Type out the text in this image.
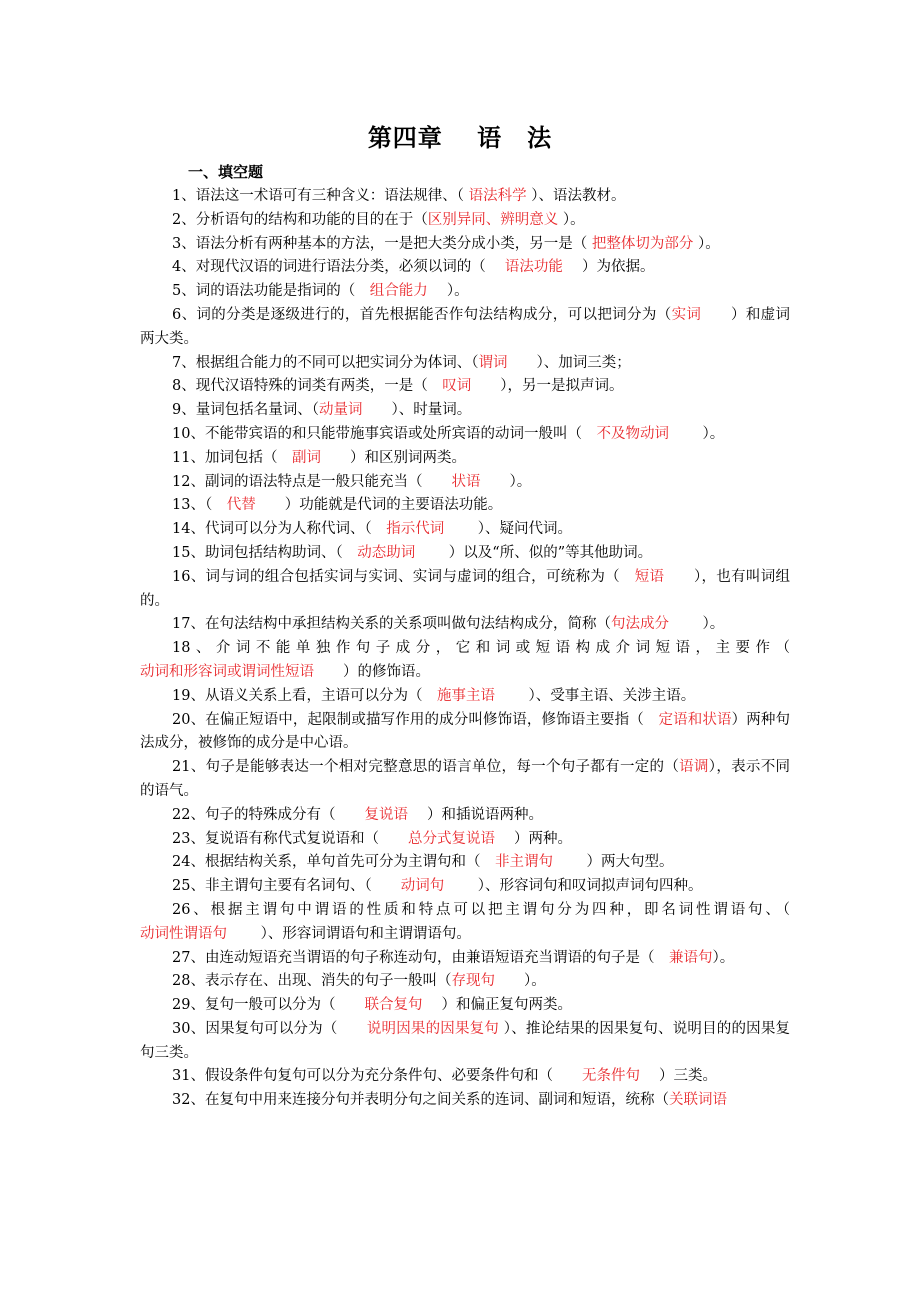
第四章　 语　法
一、填空题

1、语法这一术语可有三种含义：语法规律、（ 语法科学 ）、语法教材。

2、分析语句的结构和功能的目的在于（区别异同、辨明意义 ）。

3、语法分析有两种基本的方法，一是把大类分成小类，另一是（ 把整体切为部分 ）。

4、对现代汉语的词进行语法分类，必须以词的（　 语法功能 　）为依据。

5、词的语法功能是指词的（　组合能力 　）。

6、词的分类是逐级进行的，首先根据能否作句法结构成分，可以把词分为（实词　　）和虚词两大类。

7、根据组合能力的不同可以把实词分为体词、（谓词　　）、加词三类；

8、现代汉语特殊的词类有两类，一是（　叹词　　），另一是拟声词。

9、量词包括名量词、（动量词　　）、时量词。

10、不能带宾语的和只能带施事宾语或处所宾语的动词一般叫（　不及物动词 　　）。

11、加词包括（　副词　　）和区别词两类。

12、副词的语法特点是一般只能充当（　　状语　　）。

13、（　代替　　）功能就是代词的主要语法功能。

14、代词可以分为人称代词、（　指示代词 　　）、疑问代词。

15、助词包括结构助词、（　动态助词 　　）以及“所、似的”等其他助词。

16、词与词的组合包括实词与实词、实词与虚词的组合，可统称为（　短语　　），也有叫词组的。

17、在句法结构中承担结构关系的关系项叫做句法结构成分，简称（句法成分 　　）。

18、介词不能单独作句子成分，它和词或短语构成介词短语，主要作（　动词和形容词或谓词性短语　　）的修饰语。

19、从语义关系上看，主语可以分为（　施事主语 　　）、受事主语、关涉主语。

20、在偏正短语中，起限制或描写作用的成分叫修饰语，修饰语主要指（　定语和状语）两种句法成分，被修饰的成分是中心语。

21、句子是能够表达一个相对完整意思的语言单位，每一个句子都有一定的（语调），表示不同的语气。

22、句子的特殊成分有（　　复说语 　）和插说语两种。

23、复说语有称代式复说语和（　　总分式复说语 　）两种。

24、根据结构关系，单句首先可分为主谓句和（　非主谓句 　　）两大句型。

25、非主谓句主要有名词句、（　　动词句 　　）、形容词句和叹词拟声词句四种。

26、根据主谓句中谓语的性质和特点可以把主谓句分为四种，即名词性谓语句、（　动词性谓语句 　　）、形容词谓语句和主谓谓语句。

27、由连动短语充当谓语的句子称连动句，由兼语短语充当谓语的句子是（　兼语句）。

28、表示存在、出现、消失的句子一般叫（存现句　　）。

29、复句一般可以分为（　　联合复句 　）和偏正复句两类。

30、因果复句可以分为（　　说明因果的因果复句 ）、推论结果的因果复句、说明目的的因果复句三类。

31、假设条件句复句可以分为充分条件句、必要条件句和（　　无条件句 　）三类。

32、在复句中用来连接分句并表明分句之间关系的连词、副词和短语，统称（关联词语
